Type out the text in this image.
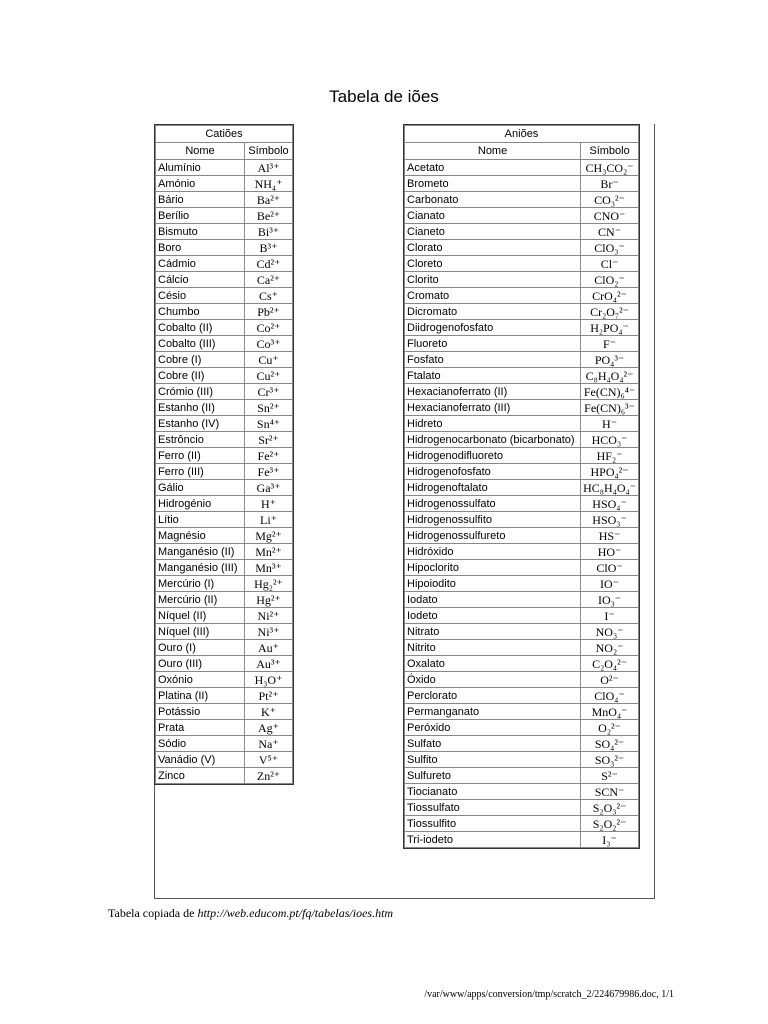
Tabela de iões
Catiões	
Nome	Símbolo
Alumínio	Al³⁺
Amónio	NH₄⁺
Bário	Ba²⁺
Berílio	Be²⁺
Bismuto	Bi³⁺
Boro	B³⁺
Cádmio	Cd²⁺
Cálcio	Ca²⁺
Césio	Cs⁺
Chumbo	Pb²⁺
Cobalto (II)	Co²⁺
Cobalto (III)	Co³⁺
Cobre (I)	Cu⁺
Cobre (II)	Cu²⁺
Crómio (III)	Cr³⁺
Estanho (II)	Sn²⁺
Estanho (IV)	Sn⁴⁺
Estrôncio	Sr²⁺
Ferro (II)	Fe²⁺
Ferro (III)	Fe³⁺
Gálio	Ga³⁺
Hidrogénio	H⁺
Lítio	Li⁺
Magnésio	Mg²⁺
Manganésio (II)	Mn²⁺
Manganésio (III)	Mn³⁺
Mercúrio (I)	Hg₂²⁺
Mercúrio (II)	Hg²⁺
Níquel (II)	Ni²⁺
Níquel (III)	Ni³⁺
Ouro (I)	Au⁺
Ouro (III)	Au³⁺
Oxónio	H₃O⁺
Platina (II)	Pt²⁺
Potássio	K⁺
Prata	Ag⁺
Sódio	Na⁺
Vanádio (V)	V⁵⁺
Zinco	Zn²⁺
Aniões	
Nome	Símbolo
Acetato	CH₃CO₂⁻
Brometo	Br⁻
Carbonato	CO₃²⁻
Cianato	CNO⁻
Cianeto	CN⁻
Clorato	ClO₃⁻
Cloreto	Cl⁻
Clorito	ClO₂⁻
Cromato	CrO₄²⁻
Dicromato	Cr₂O₇²⁻
Diidrogenofosfato	H₂PO₄⁻
Fluoreto	F⁻
Fosfato	PO₄³⁻
Ftalato	C₈H₄O₄²⁻
Hexacianoferrato (II)	Fe(CN)₆⁴⁻
Hexacianoferrato (III)	Fe(CN)₆³⁻
Hidreto	H⁻
Hidrogenocarbonato (bicarbonato)	HCO₃⁻
Hidrogenodifluoreto	HF₂⁻
Hidrogenofosfato	HPO₄²⁻
Hidrogenoftalato	HC₈H₄O₄⁻
Hidrogenossulfato	HSO₄⁻
Hidrogenossulfito	HSO₃⁻
Hidrogenossulfureto	HS⁻
Hidróxido	HO⁻
Hipoclorito	ClO⁻
Hipoiodito	IO⁻
Iodato	IO₃⁻
Iodeto	I⁻
Nitrato	NO₃⁻
Nitrito	NO₂⁻
Oxalato	C₂O₄²⁻
Óxido	O²⁻
Perclorato	ClO₄⁻
Permanganato	MnO₄⁻
Peróxido	O₂²⁻
Sulfato	SO₄²⁻
Sulfito	SO₃²⁻
Sulfureto	S²⁻
Tiocianato	SCN⁻
Tiossulfato	S₂O₃²⁻
Tiossulfito	S₂O₂²⁻
Tri-iodeto	I₃⁻
Tabela copiada de http://web.educom.pt/fq/tabelas/ioes.htm
/var/www/apps/conversion/tmp/scratch_2/224679986.doc, 1/1
